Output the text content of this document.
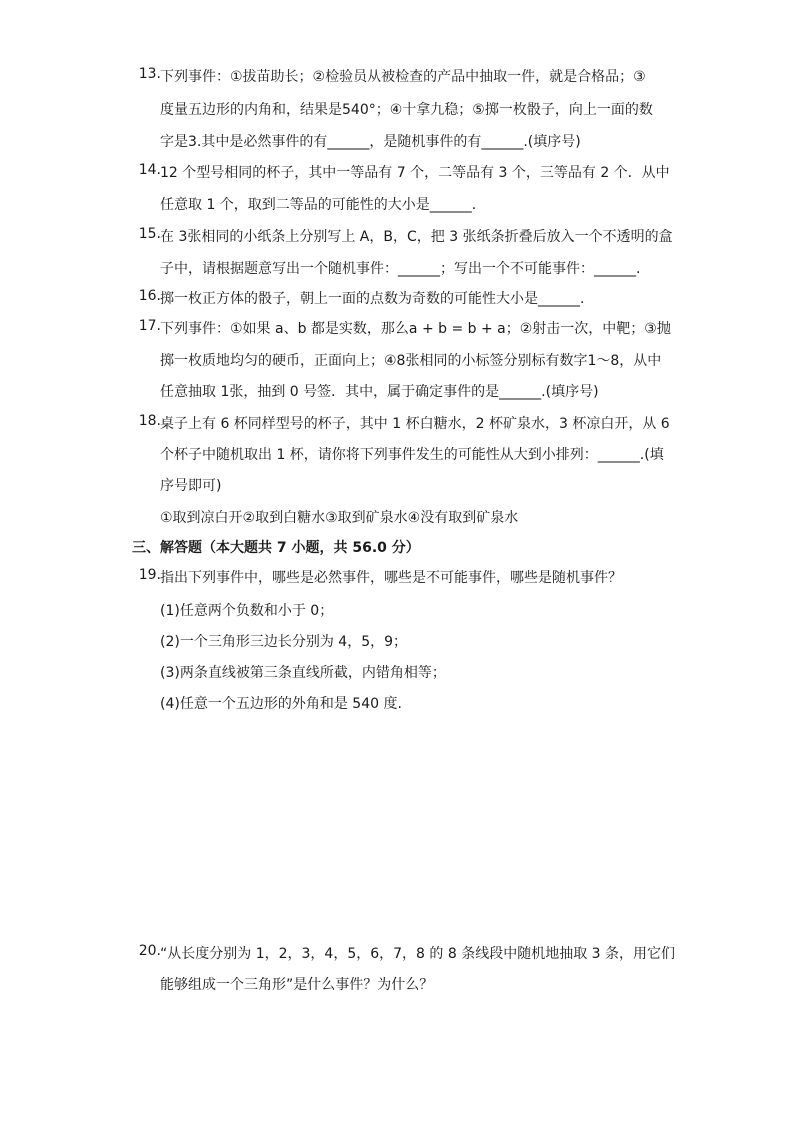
13. 下列事件：①拔苗助长；②检验员从被检查的产品中抽取一件，就是合格品；③
度量五边形的内角和，结果是540°；④十拿九稳；⑤掷一枚骰子，向上一面的数
字是3.其中是必然事件的有______，是随机事件的有______.(填序号)
14. 12 个型号相同的杯子，其中一等品有 7 个，二等品有 3 个，三等品有 2 个．从中
任意取 1 个，取到二等品的可能性的大小是______.
15. 在 3张相同的小纸条上分别写上 A，B，C，把 3 张纸条折叠后放入一个不透明的盒
子中，请根据题意写出一个随机事件：______；写出一个不可能事件：______.
16. 掷一枚正方体的骰子，朝上一面的点数为奇数的可能性大小是______.
17. 下列事件：①如果 a、b 都是实数，那么a + b = b + a；②射击一次，中靶；③抛
掷一枚质地均匀的硬币，正面向上；④8张相同的小标签分别标有数字1～8，从中
任意抽取 1张，抽到 0 号签．其中，属于确定事件的是______.(填序号)
18. 桌子上有 6 杯同样型号的杯子，其中 1 杯白糖水，2 杯矿泉水，3 杯凉白开，从 6
个杯子中随机取出 1 杯，请你将下列事件发生的可能性从大到小排列：______.(填
序号即可)
①取到凉白开②取到白糖水③取到矿泉水④没有取到矿泉水
三、解答题（本大题共 7 小题，共 56.0 分）
19. 指出下列事件中，哪些是必然事件，哪些是不可能事件，哪些是随机事件？
(1)任意两个负数和小于 0；
(2)一个三角形三边长分别为 4，5，9；
(3)两条直线被第三条直线所截，内错角相等；
(4)任意一个五边形的外角和是 540 度.
20. “从长度分别为 1，2，3，4，5，6，7，8 的 8 条线段中随机地抽取 3 条，用它们
能够组成一个三角形”是什么事件？为什么？
